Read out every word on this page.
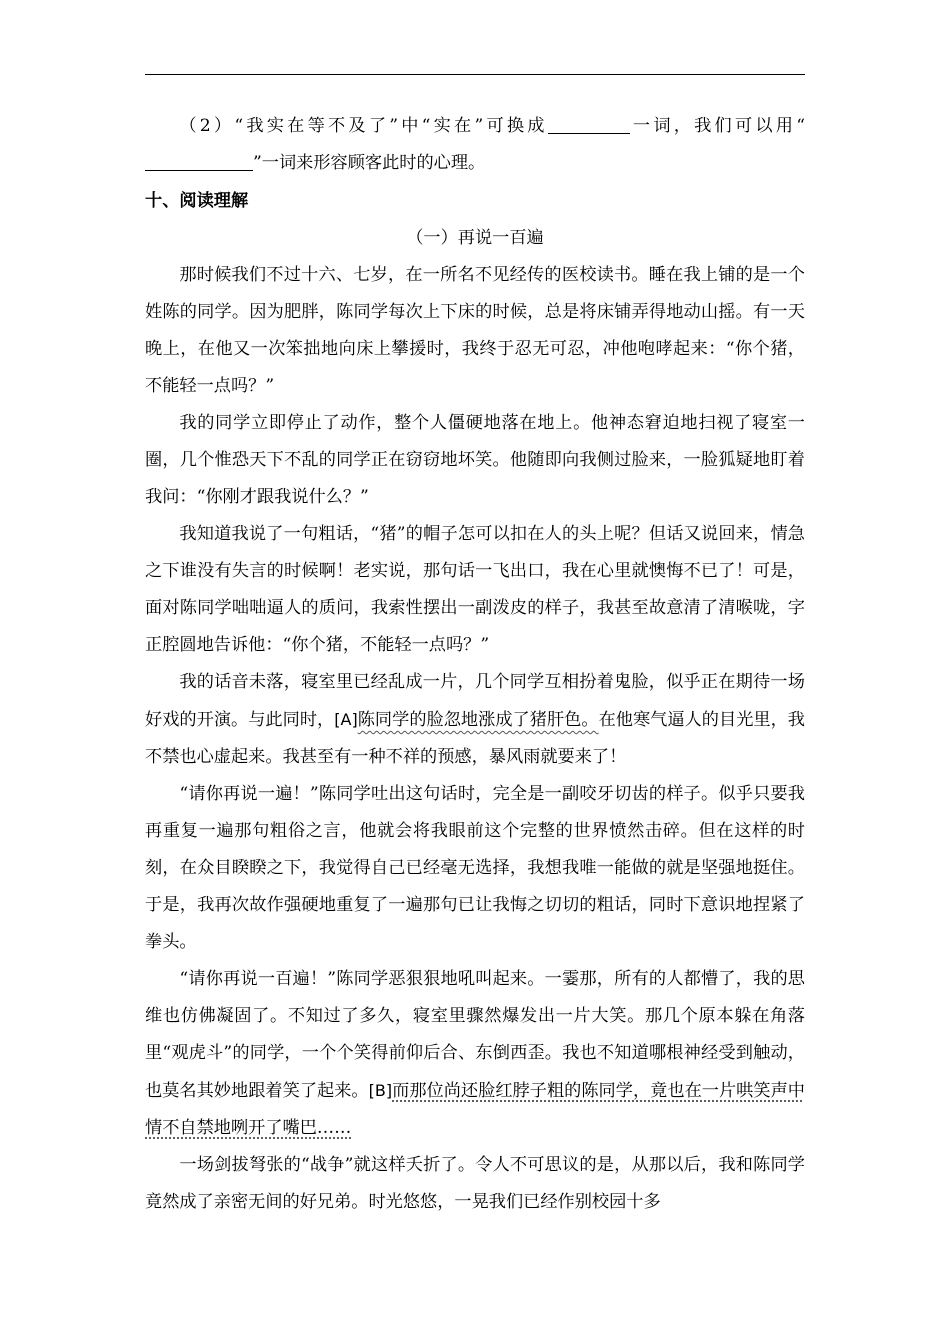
（2）“我实在等不及了”中“实在”可换成	一词，我们可以用“”一词来形容顾客此时的心理。

十、阅读理解

（一）再说一百遍

那时候我们不过十六、七岁，在一所名不见经传的医校读书。睡在我上铺的是一个姓陈的同学。因为肥胖，陈同学每次上下床的时候，总是将床铺弄得地动山摇。有一天晚上，在他又一次笨拙地向床上攀援时，我终于忍无可忍，冲他咆哮起来：“你个猪，不能轻一点吗？”

我的同学立即停止了动作，整个人僵硬地落在地上。他神态窘迫地扫视了寝室一圈，几个惟恐天下不乱的同学正在窃窃地坏笑。他随即向我侧过脸来，一脸狐疑地盯着我问：“你刚才跟我说什么？”

我知道我说了一句粗话，“猪”的帽子怎可以扣在人的头上呢？但话又说回来，情急之下谁没有失言的时候啊！老实说，那句话一飞出口，我在心里就懊悔不已了！可是，面对陈同学咄咄逼人的质问，我索性摆出一副泼皮的样子，我甚至故意清了清喉咙，字正腔圆地告诉他：“你个猪，不能轻一点吗？”

我的话音未落，寝室里已经乱成一片，几个同学互相扮着鬼脸，似乎正在期待一场好戏的开演。与此同时，[A]陈同学的脸忽地涨成了猪肝色。在他寒气逼人的目光里，我不禁也心虚起来。我甚至有一种不祥的预感，暴风雨就要来了！

“请你再说一遍！”陈同学吐出这句话时，完全是一副咬牙切齿的样子。似乎只要我再重复一遍那句粗俗之言，他就会将我眼前这个完整的世界愤然击碎。但在这样的时刻，在众目睽睽之下，我觉得自己已经毫无选择，我想我唯一能做的就是坚强地挺住。于是，我再次故作强硬地重复了一遍那句已让我悔之切切的粗话，同时下意识地捏紧了拳头。

“请你再说一百遍！”陈同学恶狠狠地吼叫起来。一霎那，所有的人都懵了，我的思维也仿佛凝固了。不知过了多久，寝室里骤然爆发出一片大笑。那几个原本躲在角落里“观虎斗”的同学，一个个笑得前仰后合、东倒西歪。我也不知道哪根神经受到触动，也莫名其妙地跟着笑了起来。[B]而那位尚还脸红脖子粗的陈同学，竟也在一片哄笑声中情不自禁地咧开了嘴巴……

一场剑拔弩张的“战争”就这样夭折了。令人不可思议的是，从那以后，我和陈同学竟然成了亲密无间的好兄弟。时光悠悠，一晃我们已经作别校园十多
